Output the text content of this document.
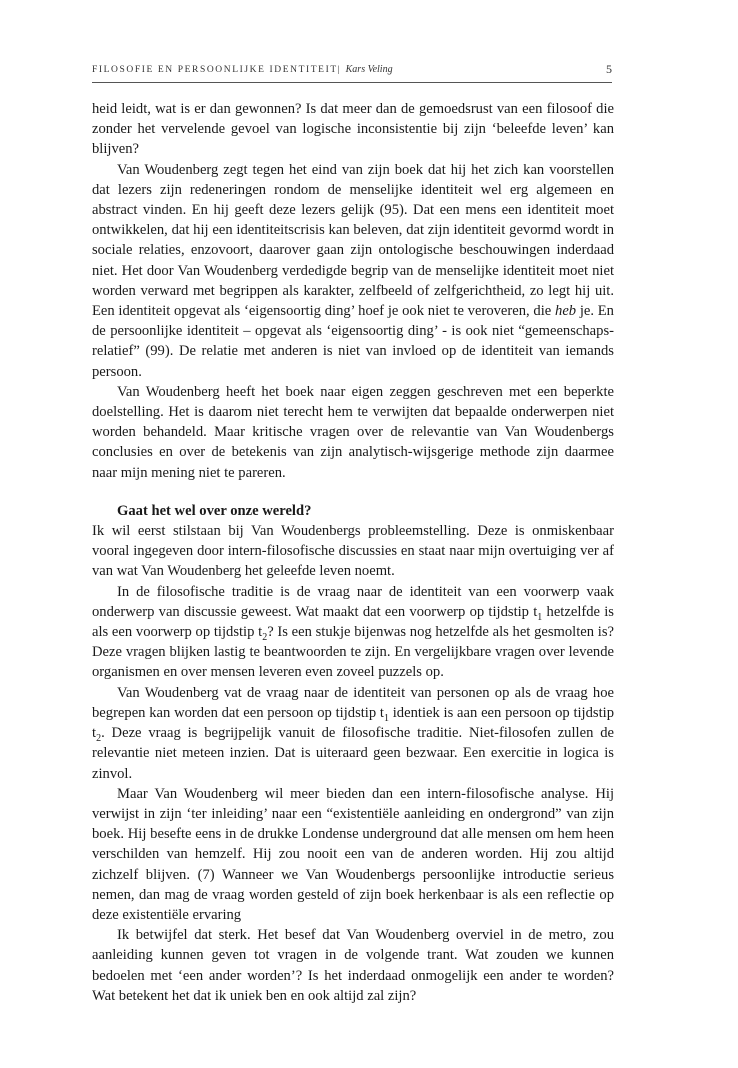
FILOSOFIE EN PERSOONLIJKE IDENTITEIT| Kars Veling	5

heid leidt, wat is er dan gewonnen? Is dat meer dan de gemoedsrust van een filosoof die zonder het vervelende gevoel van logische inconsistentie bij zijn ‘beleefde leven’ kan blijven?

Van Woudenberg zegt tegen het eind van zijn boek dat hij het zich kan voorstellen dat lezers zijn redeneringen rondom de menselijke identiteit wel erg algemeen en abstract vinden. En hij geeft deze lezers gelijk (95). Dat een mens een identiteit moet ontwikkelen, dat hij een identiteitscrisis kan beleven, dat zijn identiteit gevormd wordt in sociale relaties, enzovoort, daarover gaan zijn ontologische beschouwingen inderdaad niet. Het door Van Woudenberg verdedigde begrip van de menselijke identiteit moet niet worden verward met begrippen als karakter, zelfbeeld of zelfgerichtheid, zo legt hij uit. Een identiteit opgevat als ‘eigensoortig ding’ hoef je ook niet te veroveren, die heb je. En de persoonlijke identiteit – opgevat als ‘eigensoortig ding’ - is ook niet “gemeenschaps-relatief” (99). De relatie met anderen is niet van invloed op de identiteit van iemands persoon.

Van Woudenberg heeft het boek naar eigen zeggen geschreven met een beperkte doelstelling. Het is daarom niet terecht hem te verwijten dat bepaalde onderwerpen niet worden behandeld. Maar kritische vragen over de relevantie van Van Woudenbergs conclusies en over de betekenis van zijn analytisch-wijsgerige methode zijn daarmee naar mijn mening niet te pareren.

Gaat het wel over onze wereld?

Ik wil eerst stilstaan bij Van Woudenbergs probleemstelling. Deze is onmiskenbaar vooral ingegeven door intern-filosofische discussies en staat naar mijn overtuiging ver af van wat Van Woudenberg het geleefde leven noemt.

In de filosofische traditie is de vraag naar de identiteit van een voorwerp vaak onderwerp van discussie geweest. Wat maakt dat een voorwerp op tijdstip $t_1$ hetzelfde is als een voorwerp op tijdstip $t_2$? Is een stukje bijenwas nog hetzelfde als het gesmolten is? Deze vragen blijken lastig te beantwoorden te zijn. En vergelijkbare vragen over levende organismen en over mensen leveren even zoveel puzzels op.

Van Woudenberg vat de vraag naar de identiteit van personen op als de vraag hoe begrepen kan worden dat een persoon op tijdstip $t_1$ identiek is aan een persoon op tijdstip $t_2$. Deze vraag is begrijpelijk vanuit de filosofische traditie. Niet-filosofen zullen de relevantie niet meteen inzien. Dat is uiteraard geen bezwaar. Een exercitie in logica is zinvol.

Maar Van Woudenberg wil meer bieden dan een intern-filosofische analyse. Hij verwijst in zijn ‘ter inleiding’ naar een “existentiële aanleiding en ondergrond” van zijn boek. Hij besefte eens in de drukke Londense underground dat alle mensen om hem heen verschilden van hemzelf. Hij zou nooit een van de anderen worden. Hij zou altijd zichzelf blijven. (7) Wanneer we Van Woudenbergs persoonlijke introductie serieus nemen, dan mag de vraag worden gesteld of zijn boek herkenbaar is als een reflectie op deze existentiële ervaring

Ik betwijfel dat sterk. Het besef dat Van Woudenberg overviel in de metro, zou aanleiding kunnen geven tot vragen in de volgende trant. Wat zouden we kunnen bedoelen met ‘een ander worden’? Is het inderdaad onmogelijk een ander te worden? Wat betekent het dat ik uniek ben en ook altijd zal zijn?
